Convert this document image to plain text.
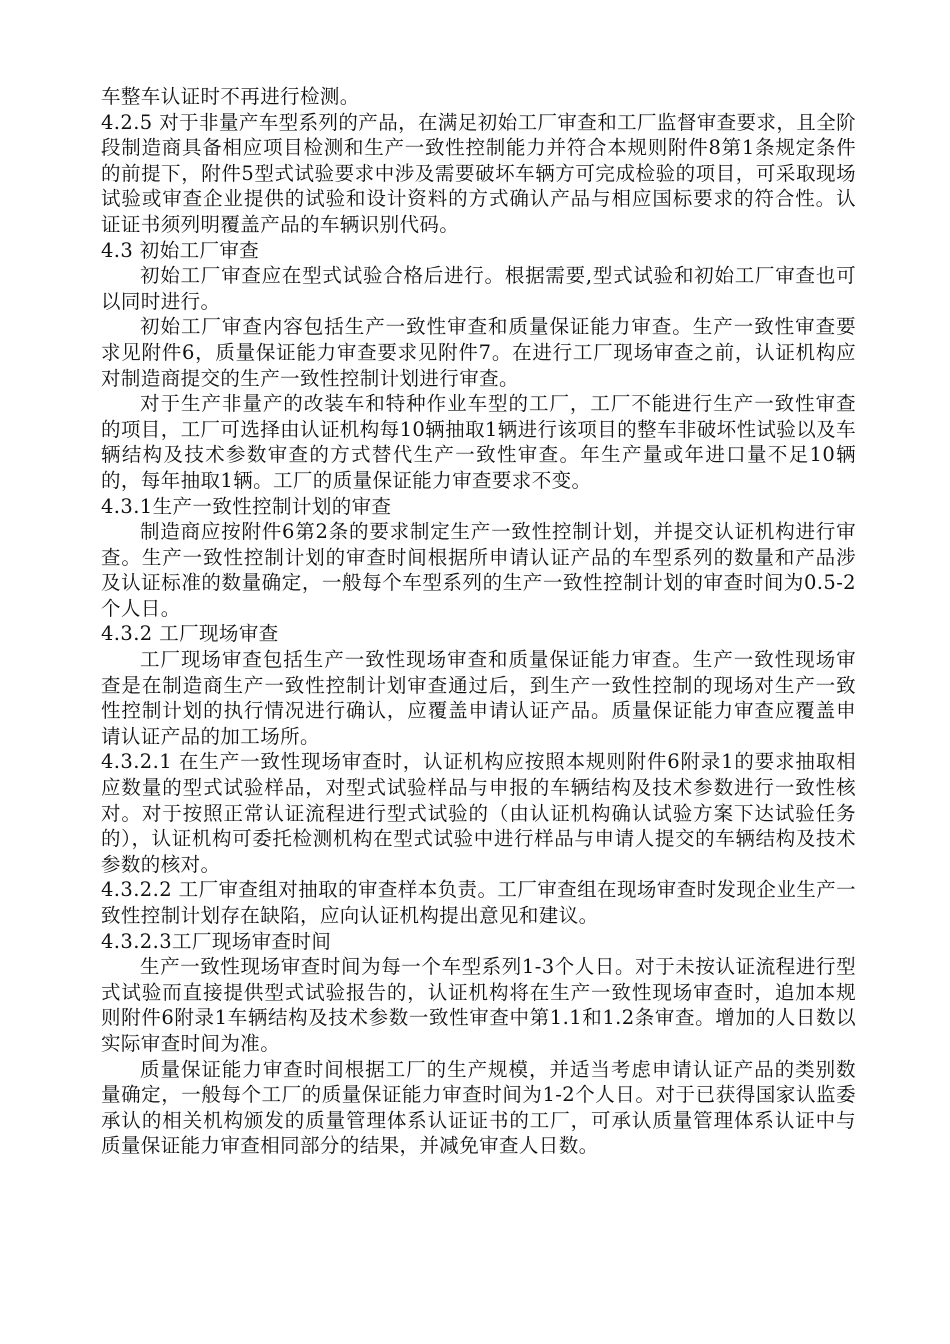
车整车认证时不再进行检测。

4.2.5 对于非量产车型系列的产品，在满足初始工厂审查和工厂监督审查要求，且全阶段制造商具备相应项目检测和生产一致性控制能力并符合本规则附件8第1条规定条件的前提下，附件5型式试验要求中涉及需要破坏车辆方可完成检验的项目，可采取现场试验或审查企业提供的试验和设计资料的方式确认产品与相应国标要求的符合性。认证证书须列明覆盖产品的车辆识别代码。

4.3 初始工厂审查

初始工厂审查应在型式试验合格后进行。根据需要,型式试验和初始工厂审查也可以同时进行。

初始工厂审查内容包括生产一致性审查和质量保证能力审查。生产一致性审查要求见附件6，质量保证能力审查要求见附件7。在进行工厂现场审查之前，认证机构应对制造商提交的生产一致性控制计划进行审查。

对于生产非量产的改装车和特种作业车型的工厂，工厂不能进行生产一致性审查的项目，工厂可选择由认证机构每10辆抽取1辆进行该项目的整车非破坏性试验以及车辆结构及技术参数审查的方式替代生产一致性审查。年生产量或年进口量不足10辆的，每年抽取1辆。工厂的质量保证能力审查要求不变。

4.3.1生产一致性控制计划的审查

制造商应按附件6第2条的要求制定生产一致性控制计划，并提交认证机构进行审查。生产一致性控制计划的审查时间根据所申请认证产品的车型系列的数量和产品涉及认证标准的数量确定，一般每个车型系列的生产一致性控制计划的审查时间为0.5-2个人日。

4.3.2 工厂现场审查

工厂现场审查包括生产一致性现场审查和质量保证能力审查。生产一致性现场审查是在制造商生产一致性控制计划审查通过后，到生产一致性控制的现场对生产一致性控制计划的执行情况进行确认，应覆盖申请认证产品。质量保证能力审查应覆盖申请认证产品的加工场所。

4.3.2.1 在生产一致性现场审查时，认证机构应按照本规则附件6附录1的要求抽取相应数量的型式试验样品，对型式试验样品与申报的车辆结构及技术参数进行一致性核对。对于按照正常认证流程进行型式试验的（由认证机构确认试验方案下达试验任务的），认证机构可委托检测机构在型式试验中进行样品与申请人提交的车辆结构及技术参数的核对。

4.3.2.2 工厂审查组对抽取的审查样本负责。工厂审查组在现场审查时发现企业生产一致性控制计划存在缺陷，应向认证机构提出意见和建议。

4.3.2.3工厂现场审查时间

生产一致性现场审查时间为每一个车型系列1-3个人日。对于未按认证流程进行型式试验而直接提供型式试验报告的，认证机构将在生产一致性现场审查时，追加本规则附件6附录1车辆结构及技术参数一致性审查中第1.1和1.2条审查。增加的人日数以实际审查时间为准。

质量保证能力审查时间根据工厂的生产规模，并适当考虑申请认证产品的类别数量确定，一般每个工厂的质量保证能力审查时间为1-2个人日。对于已获得国家认监委承认的相关机构颁发的质量管理体系认证证书的工厂，可承认质量管理体系认证中与质量保证能力审查相同部分的结果，并减免审查人日数。
